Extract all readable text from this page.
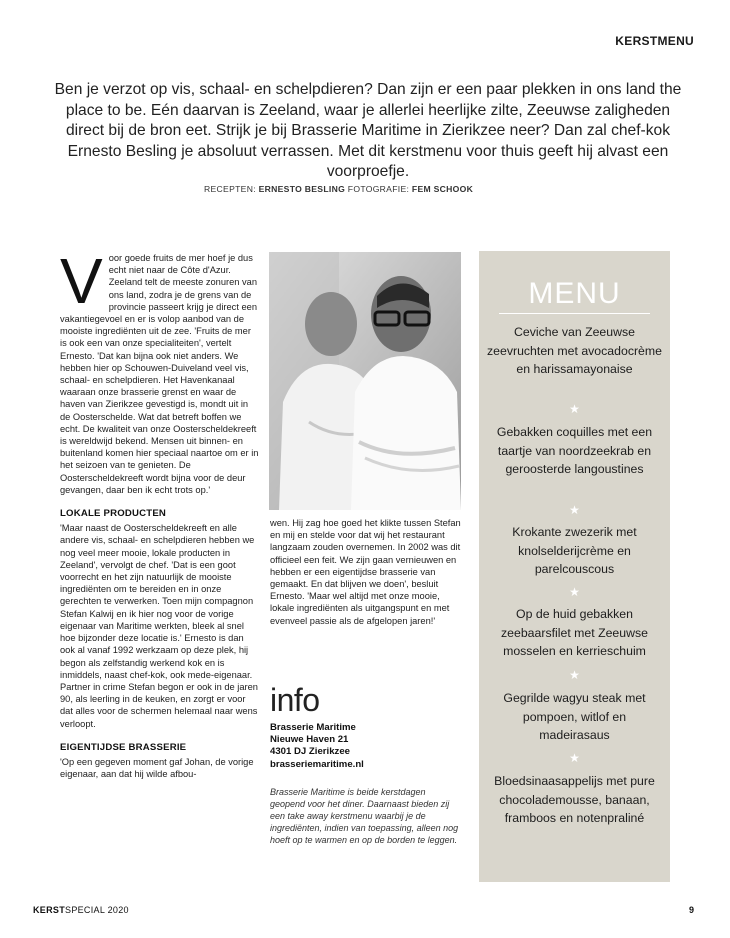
KERSTMENU
Ben je verzot op vis, schaal- en schelpdieren? Dan zijn er een paar plekken in ons land the place to be. Eén daarvan is Zeeland, waar je allerlei heerlijke zilte, Zeeuwse zaligheden direct bij de bron eet. Strijk je bij Brasserie Maritime in Zierikzee neer? Dan zal chef-kok Ernesto Besling je absoluut verrassen. Met dit kerstmenu voor thuis geeft hij alvast een voorproefje.
RECEPTEN: ERNESTO BESLING FOTOGRAFIE: FEM SCHOOK
V oor goede fruits de mer hoef je dus echt niet naar de Côte d'Azur. Zeeland telt de meeste zonuren van ons land, zodra je de grens van de provincie passeert krijg je direct een vakantiegevoel en er is volop aanbod van de mooiste ingrediënten uit de zee. 'Fruits de mer is ook een van onze specialiteiten', vertelt Ernesto. 'Dat kan bijna ook niet anders. We hebben hier op Schouwen-Duiveland veel vis, schaal- en schelpdieren. Het Havenkanaal waaraan onze brasserie grenst en waar de haven van Zierikzee gevestigd is, mondt uit in de Oosterschelde. Wat dat betreft boffen we echt. De kwaliteit van onze Oosterscheldekreeft is wereldwijd bekend. Mensen uit binnen- en buitenland komen hier speciaal naartoe om er in het seizoen van te genieten. De Oosterscheldekreeft wordt bijna voor de deur gevangen, daar ben ik echt trots op.'

LOKALE PRODUCTEN

'Maar naast de Oosterscheldekreeft en alle andere vis, schaal- en schelpdieren hebben we nog veel meer mooie, lokale producten in Zeeland', vervolgt de chef. 'Dat is een goot voorrecht en het zijn natuurlijk de mooiste ingrediënten om te bereiden en in onze gerechten te verwerken. Toen mijn compagnon Stefan Kalwij en ik hier nog voor de vorige eigenaar van Maritime werkten, bleek al snel hoe bijzonder deze locatie is.' Ernesto is dan ook al vanaf 1992 werkzaam op deze plek, hij begon als zelfstandig werkend kok en is inmiddels, naast chef-kok, ook mede-eigenaar. Partner in crime Stefan begon er ook in de jaren 90, als leerling in de keuken, en zorgt er voor dat alles voor de schermen helemaal naar wens verloopt.

EIGENTIJDSE BRASSERIE

'Op een gegeven moment gaf Johan, de vorige eigenaar, aan dat hij wilde afbou-

wen. Hij zag hoe goed het klikte tussen Stefan en mij en stelde voor dat wij het restaurant langzaam zouden overnemen. In 2002 was dit officieel een feit. We zijn gaan vernieuwen en hebben er een eigentijdse brasserie van gemaakt. En dat blijven we doen', besluit Ernesto. 'Maar wel altijd met onze mooie, lokale ingrediënten als uitgangspunt en met evenveel passie als de afgelopen jaren!'

info
Brasserie Maritime
Nieuwe Haven 21
4301 DJ Zierikzee
brasseriemaritime.nl
Brasserie Maritime is beide kerstdagen geopend voor het diner. Daarnaast bieden zij een take away kerstmenu waarbij je de ingrediënten, indien van toepassing, alleen nog hoeft op te warmen en op de borden te leggen.
MENU
Ceviche van Zeeuwse zeevruchten met avocadocrème en harissamayonaise
★
Gebakken coquilles met een taartje van noordzeekrab en geroosterde langoustines
★
Krokante zwezerik met knolselderijcrème en parelcouscous
★
Op de huid gebakken zeebaarsfilet met Zeeuwse mosselen en kerrieschuim
★
Gegrilde wagyu steak met pompoen, witlof en madeirasaus
★
Bloedsinaasappelijs met pure chocolademousse, banaan, framboos en notenpraliné
KERSTSPECIAL 2020	9
